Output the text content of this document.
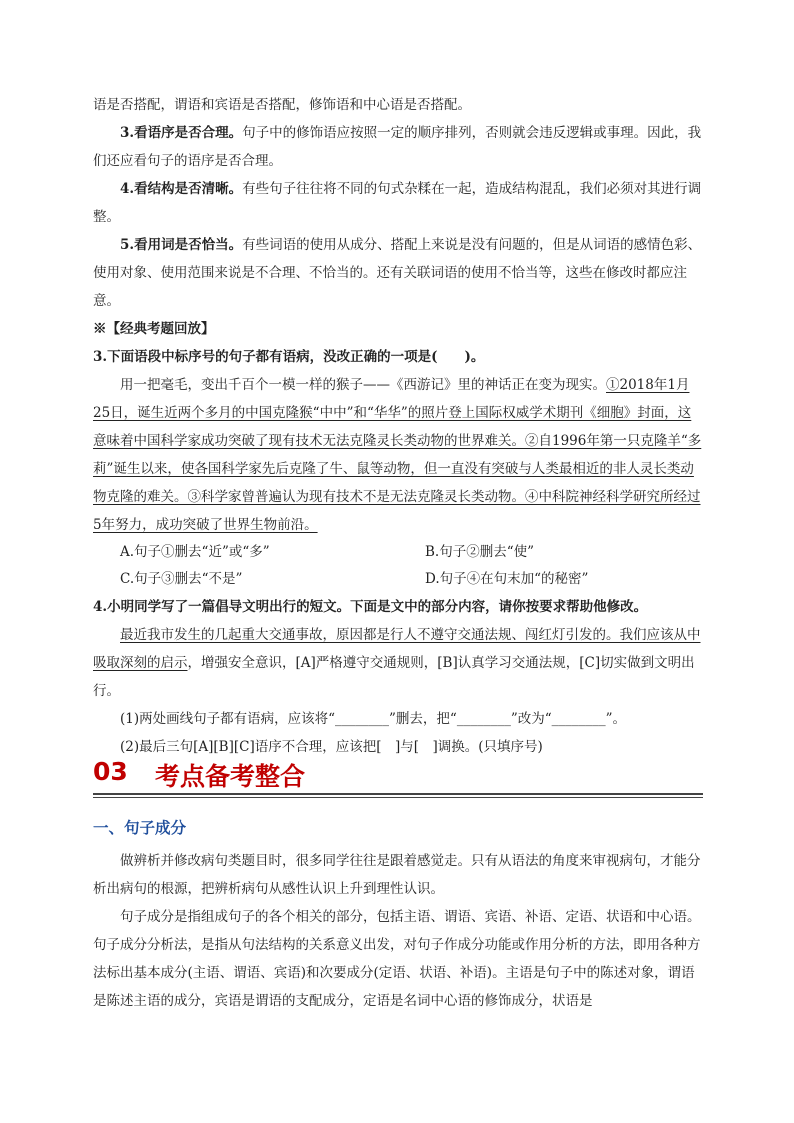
语是否搭配，谓语和宾语是否搭配，修饰语和中心语是否搭配。

3.看语序是否合理。句子中的修饰语应按照一定的顺序排列，否则就会违反逻辑或事理。因此，我们还应看句子的语序是否合理。

4.看结构是否清晰。有些句子往往将不同的句式杂糅在一起，造成结构混乱，我们必须对其进行调整。

5.看用词是否恰当。有些词语的使用从成分、搭配上来说是没有问题的，但是从词语的感情色彩、使用对象、使用范围来说是不合理、不恰当的。还有关联词语的使用不恰当等，这些在修改时都应注意。

※【经典考题回放】

3.下面语段中标序号的句子都有语病，没改正确的一项是(　　)。

用一把毫毛，变出千百个一模一样的猴子——《西游记》里的神话正在变为现实。①2018年1月25日，诞生近两个多月的中国克隆猴“中中”和“华华”的照片登上国际权威学术期刊《细胞》封面，这意味着中国科学家成功突破了现有技术无法克隆灵长类动物的世界难关。②自1996年第一只克隆羊“多莉”诞生以来，使各国科学家先后克隆了牛、鼠等动物，但一直没有突破与人类最相近的非人灵长类动物克隆的难关。③科学家曾普遍认为现有技术不是无法克隆灵长类动物。④中科院神经科学研究所经过5年努力，成功突破了世界生物前沿。

A.句子①删去“近”或“多”	B.句子②删去“使”
C.句子③删去“不是”	D.句子④在句末加“的秘密”

4.小明同学写了一篇倡导文明出行的短文。下面是文中的部分内容，请你按要求帮助他修改。

最近我市发生的几起重大交通事故，原因都是行人不遵守交通法规、闯红灯引发的。我们应该从中吸取深刻的启示，增强安全意识，[A]严格遵守交通规则，[B]认真学习交通法规，[C]切实做到文明出行。

(1)两处画线句子都有语病，应该将“________”删去，把“________”改为“________”。

(2)最后三句[A][B][C]语序不合理，应该把[　]与[　]调换。(只填序号)

03 考点备考整合
一、句子成分

做辨析并修改病句类题目时，很多同学往往是跟着感觉走。只有从语法的角度来审视病句，才能分析出病句的根源，把辨析病句从感性认识上升到理性认识。

句子成分是指组成句子的各个相关的部分，包括主语、谓语、宾语、补语、定语、状语和中心语。句子成分分析法，是指从句法结构的关系意义出发，对句子作成分功能或作用分析的方法，即用各种方法标出基本成分(主语、谓语、宾语)和次要成分(定语、状语、补语)。主语是句子中的陈述对象，谓语是陈述主语的成分，宾语是谓语的支配成分，定语是名词中心语的修饰成分，状语是
